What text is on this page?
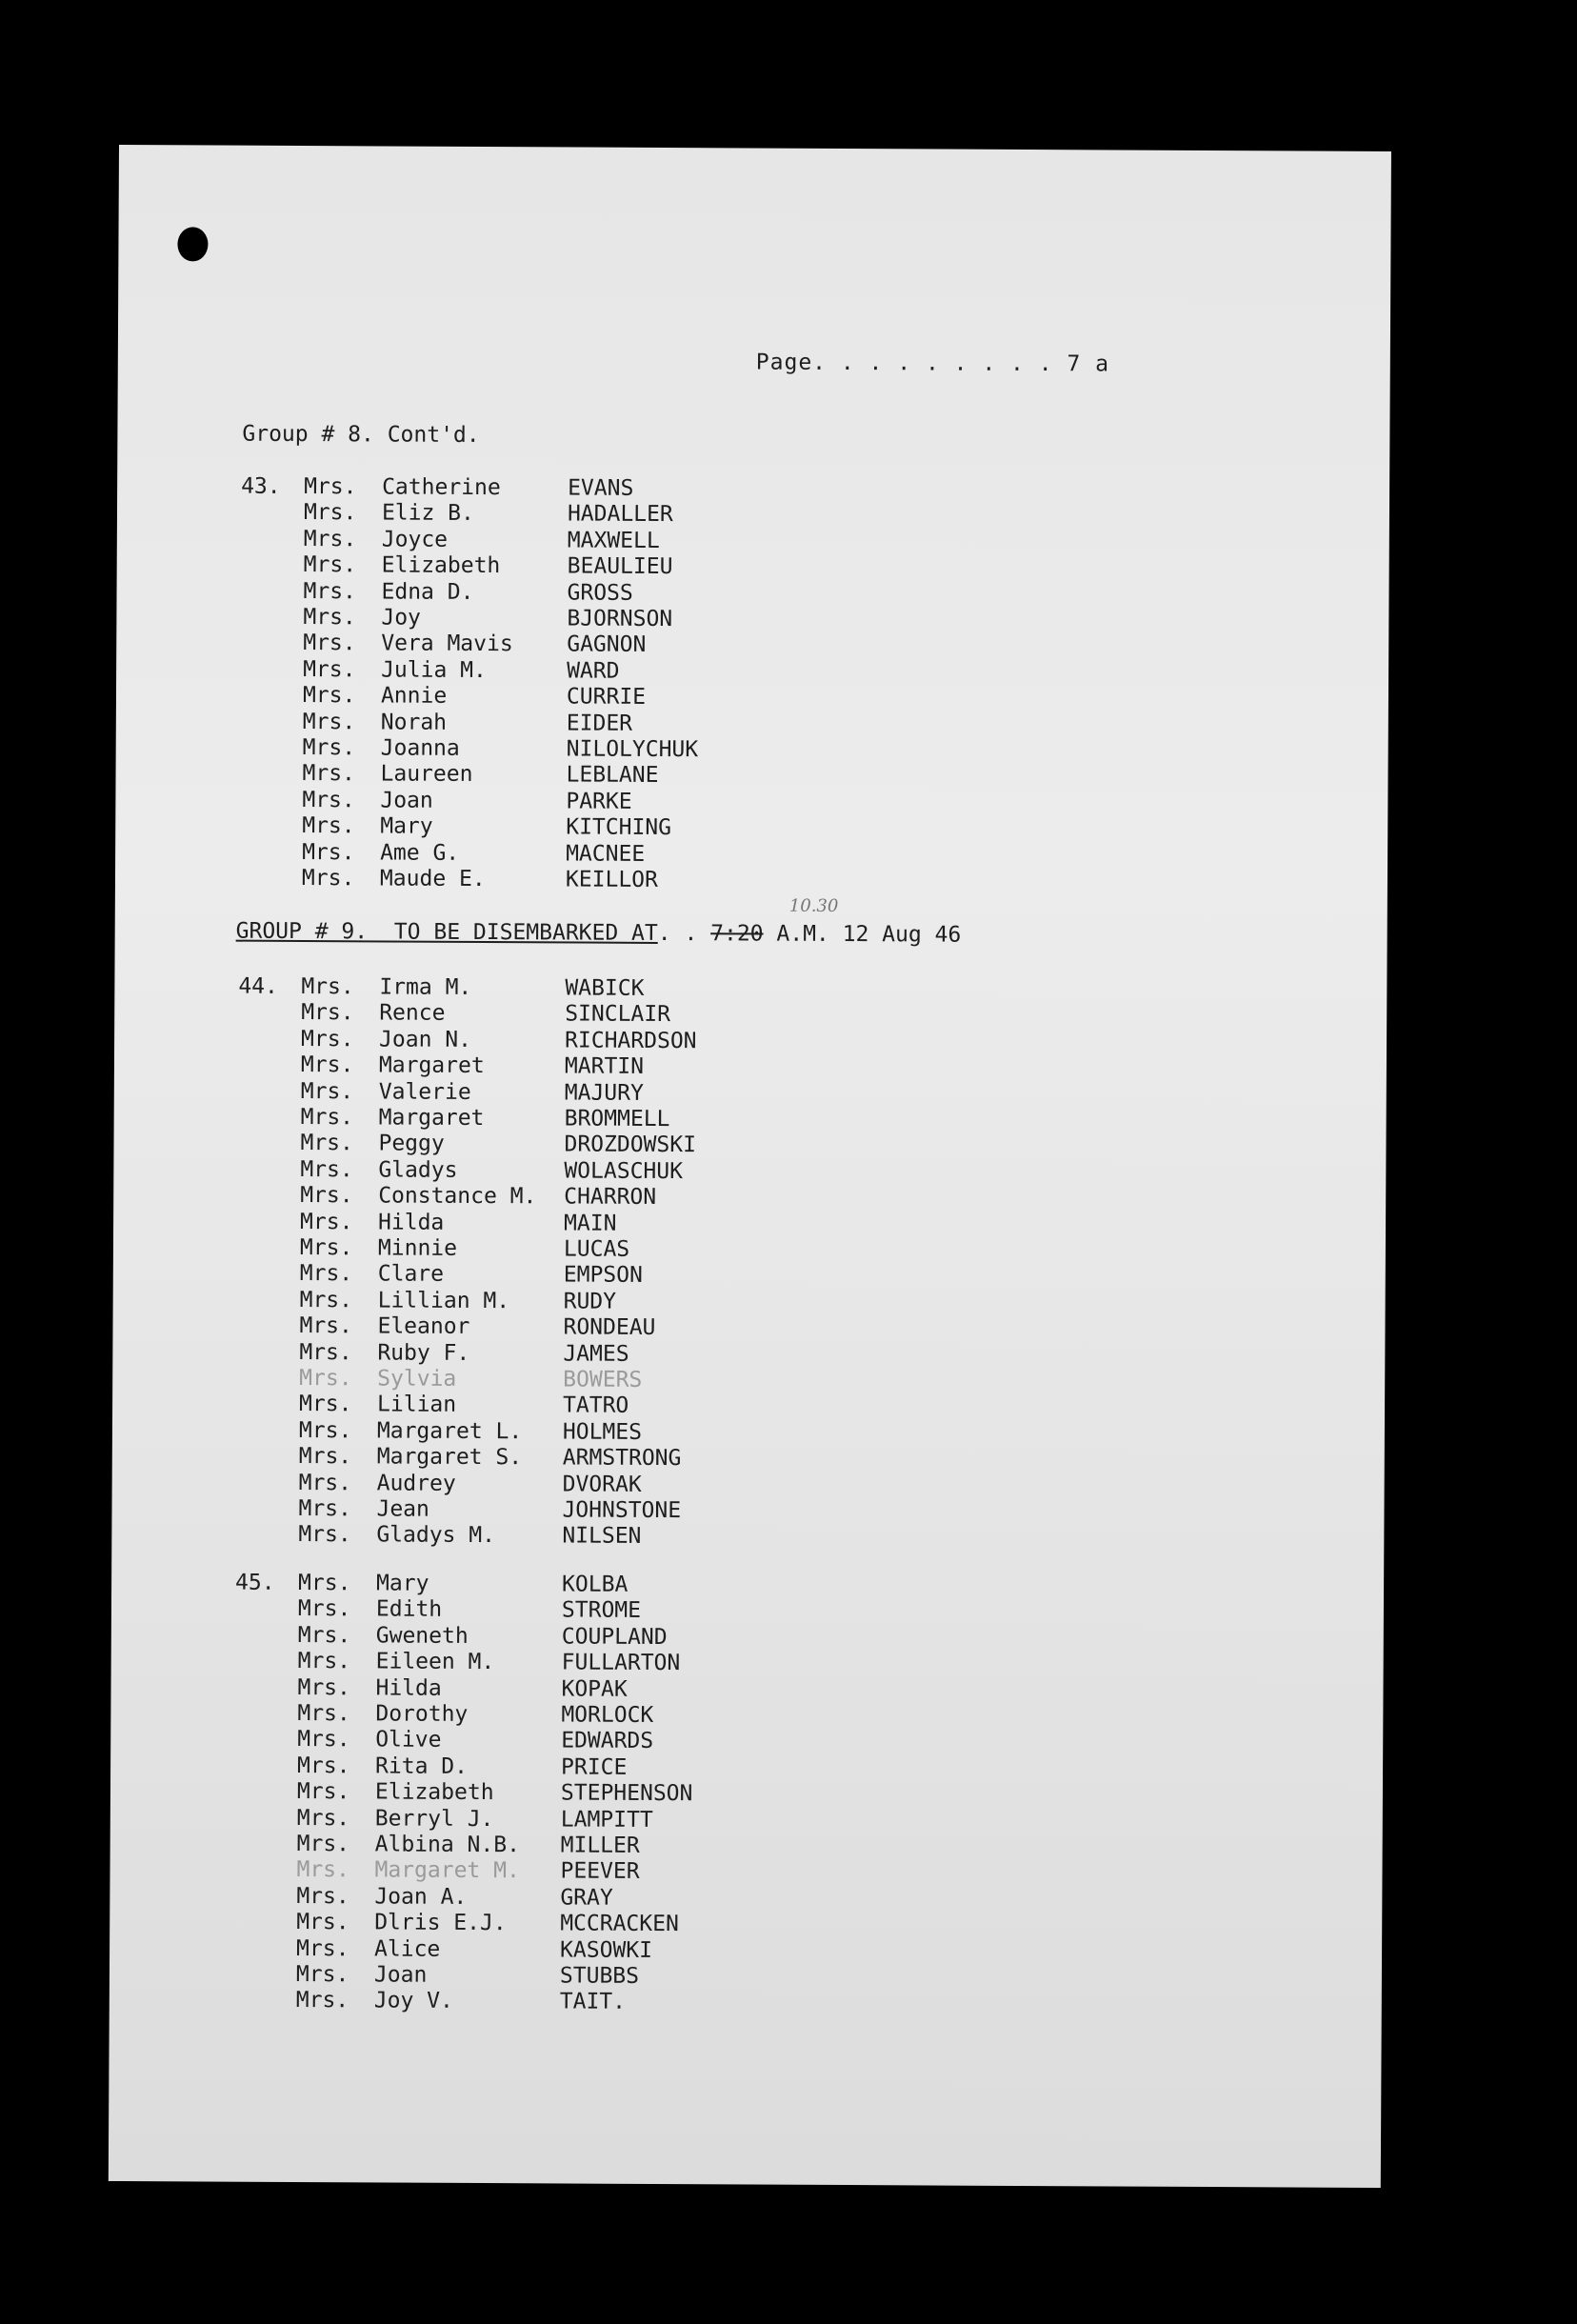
Page. . . . . . . . . 7 a
Group # 8. Cont'd.
43. Mrs. Catherine	EVANS
Mrs. Eliz B.	HADALLER
Mrs. Joyce	MAXWELL
Mrs. Elizabeth	BEAULIEU
Mrs. Edna D.	GROSS
Mrs. Joy	BJORNSON
Mrs. Vera Mavis GAGNON
Mrs. Julia M.	WARD
Mrs. Annie	CURRIE
Mrs. Norah	EIDER
Mrs. Joanna	NILOLYCHUK
Mrs. Laureen	LEBLANE
Mrs. Joan	PARKE
Mrs. Mary	KITCHING
Mrs. Ame G.	MACNEE
Mrs. Maude E.	KEILLOR
10.30
GROUP # 9.  TO BE DISEMBARKED AT. . 7:20 A.M. 12 Aug 46
44. Mrs. Irma M.	WABICK
Mrs. Rence	SINCLAIR
Mrs. Joan N.	RICHARDSON
Mrs. Margaret	MARTIN
Mrs. Valerie	MAJURY
Mrs. Margaret	BROMMELL
Mrs. Peggy	DROZDOWSKI
Mrs. Gladys	WOLASCHUK
Mrs. Constance M. CHARRON
Mrs. Hilda	MAIN
Mrs. Minnie	LUCAS
Mrs. Clare	EMPSON
Mrs. Lillian M. RUDY
Mrs. Eleanor	RONDEAU
Mrs. Ruby F.	JAMES
Mrs. Sylvia	BOWERS
Mrs. Lilian	TATRO
Mrs. Margaret L. HOLMES
Mrs. Margaret S. ARMSTRONG
Mrs. Audrey	DVORAK
Mrs. Jean	JOHNSTONE
Mrs. Gladys M.	NILSEN
45. Mrs. Mary	KOLBA
Mrs. Edith	STROME
Mrs. Gweneth	COUPLAND
Mrs. Eileen M.	FULLARTON
Mrs. Hilda	KOPAK
Mrs. Dorothy	MORLOCK
Mrs. Olive	EDWARDS
Mrs. Rita D.	PRICE
Mrs. Elizabeth	STEPHENSON
Mrs. Berryl J.	LAMPITT
Mrs. Albina N.B. MILLER
Mrs. Margaret M. PEEVER
Mrs. Joan A.	GRAY
Mrs. Dlris E.J. MCCRACKEN
Mrs. Alice	KASOWKI
Mrs. Joan	STUBBS
Mrs. Joy V.	TAIT.
